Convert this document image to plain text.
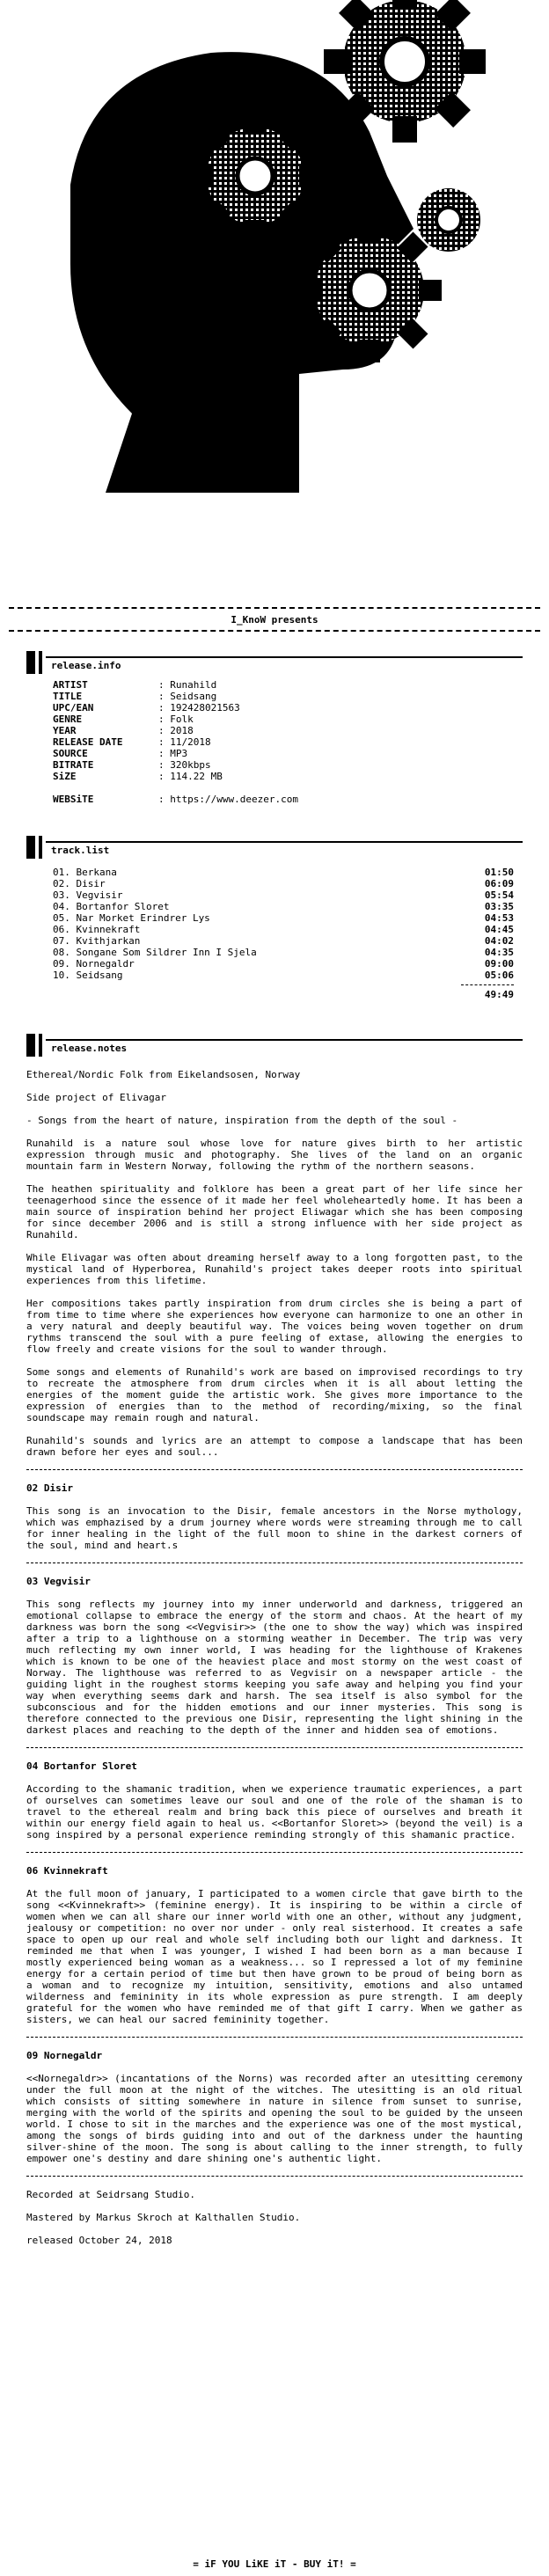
I_KnoW presents
release.info
ARTIST	: Runahild
TITLE	: Seidsang
UPC/EAN	: 192428021563
GENRE	: Folk
YEAR	: 2018
RELEASE DATE	: 11/2018
SOURCE	: MP3
BITRATE	: 320kbps
SiZE	: 114.22 MB
WEBSiTE	: https://www.deezer.com
track.list
01. Berkana	01:50
02. Disir	06:09
03. Vegvisir	05:54
04. Bortanfor Sloret	03:35
05. Nar Morket Erindrer Lys	04:53
06. Kvinnekraft	04:45
07. Kvithjarkan	04:02
08. Songane Som Sildrer Inn I Sjela	04:35
09. Nornegaldr	09:00
10. Seidsang	05:06
49:49
release.notes

Ethereal/Nordic Folk from Eikelandsosen, Norway

Side project of Elivagar

- Songs from the heart of nature, inspiration from the depth of the soul -

Runahild is a nature soul whose love for nature gives birth to her artistic expression through music and photography. She lives of the land on an organic mountain farm in Western Norway, following the rythm of the northern seasons.

The heathen spirituality and folklore has been a great part of her life since her teenagerhood since the essence of it made her feel wholeheartedly home. It has been a main source of inspiration behind her project Eliwagar which she has been composing for since december 2006 and is still a strong influence with her side project as Runahild.

While Elivagar was often about dreaming herself away to a long forgotten past, to the mystical land of Hyperborea, Runahild's project takes deeper roots into spiritual experiences from this lifetime.

Her compositions takes partly inspiration from drum circles she is being a part of from time to time where she experiences how everyone can harmonize to one an other in a very natural and deeply beautiful way. The voices being woven together on drum rythms transcend the soul with a pure feeling of extase, allowing the energies to flow freely and create visions for the soul to wander through.

Some songs and elements of Runahild's work are based on improvised recordings to try to recreate the atmosphere from drum circles when it is all about letting the energies of the moment guide the artistic work. She gives more importance to the expression of energies than to the method of recording/mixing, so the final soundscape may remain rough and natural.

Runahild's sounds and lyrics are an attempt to compose a landscape that has been drawn before her eyes and soul...

02 Disir

This song is an invocation to the Disir, female ancestors in the Norse mythology, which was emphazised by a drum journey where words were streaming through me to call for inner healing in the light of the full moon to shine in the darkest corners of the soul, mind and heart.s

03 Vegvisir

This song reflects my journey into my inner underworld and darkness, triggered an emotional collapse to embrace the energy of the storm and chaos. At the heart of my darkness was born the song <<Vegvisir>> (the one to show the way) which was inspired after a trip to a lighthouse on a storming weather in December. The trip was very much reflecting my own inner world, I was heading for the lighthouse of Krakenes which is known to be one of the heaviest place and most stormy on the west coast of Norway. The lighthouse was referred to as Vegvisir on a newspaper article - the guiding light in the roughest storms keeping you safe away and helping you find your way when everything seems dark and harsh. The sea itself is also symbol for the subconscious and for the hidden emotions and our inner mysteries. This song is therefore connected to the previous one Disir, representing the light shining in the darkest places and reaching to the depth of the inner and hidden sea of emotions.

04 Bortanfor Sloret

According to the shamanic tradition, when we experience traumatic experiences, a part of ourselves can sometimes leave our soul and one of the role of the shaman is to travel to the ethereal realm and bring back this piece of ourselves and breath it within our energy field again to heal us. <<Bortanfor Sloret>> (beyond the veil) is a song inspired by a personal experience reminding strongly of this shamanic practice.

06 Kvinnekraft

At the full moon of january, I participated to a women circle that gave birth to the song <<Kvinnekraft>> (feminine energy). It is inspiring to be within a circle of women when we can all share our inner world with one an other, without any judgment, jealousy or competition: no over nor under - only real sisterhood. It creates a safe space to open up our real and whole self including both our light and darkness. It reminded me that when I was younger, I wished I had been born as a man because I mostly experienced being woman as a weakness... so I repressed a lot of my feminine energy for a certain period of time but then have grown to be proud of being born as a woman and to recognize my intuition, sensitivity, emotions and also untamed wilderness and femininity in its whole expression as pure strength. I am deeply grateful for the women who have reminded me of that gift I carry. When we gather as sisters, we can heal our sacred femininity together.

09 Nornegaldr

<<Nornegaldr>> (incantations of the Norns) was recorded after an utesitting ceremony under the full moon at the night of the witches. The utesitting is an old ritual which consists of sitting somewhere in nature in silence from sunset to sunrise, merging with the world of the spirits and opening the soul to be guided by the unseen world. I chose to sit in the marches and the experience was one of the most mystical, among the songs of birds guiding into and out of the darkness under the haunting silver-shine of the moon. The song is about calling to the inner strength, to fully empower one's destiny and dare shining one's authentic light.

Recorded at Seidrsang Studio.

Mastered by Markus Skroch at Kalthallen Studio.

released October 24, 2018

= iF YOU LiKE iT - BUY iT! =
